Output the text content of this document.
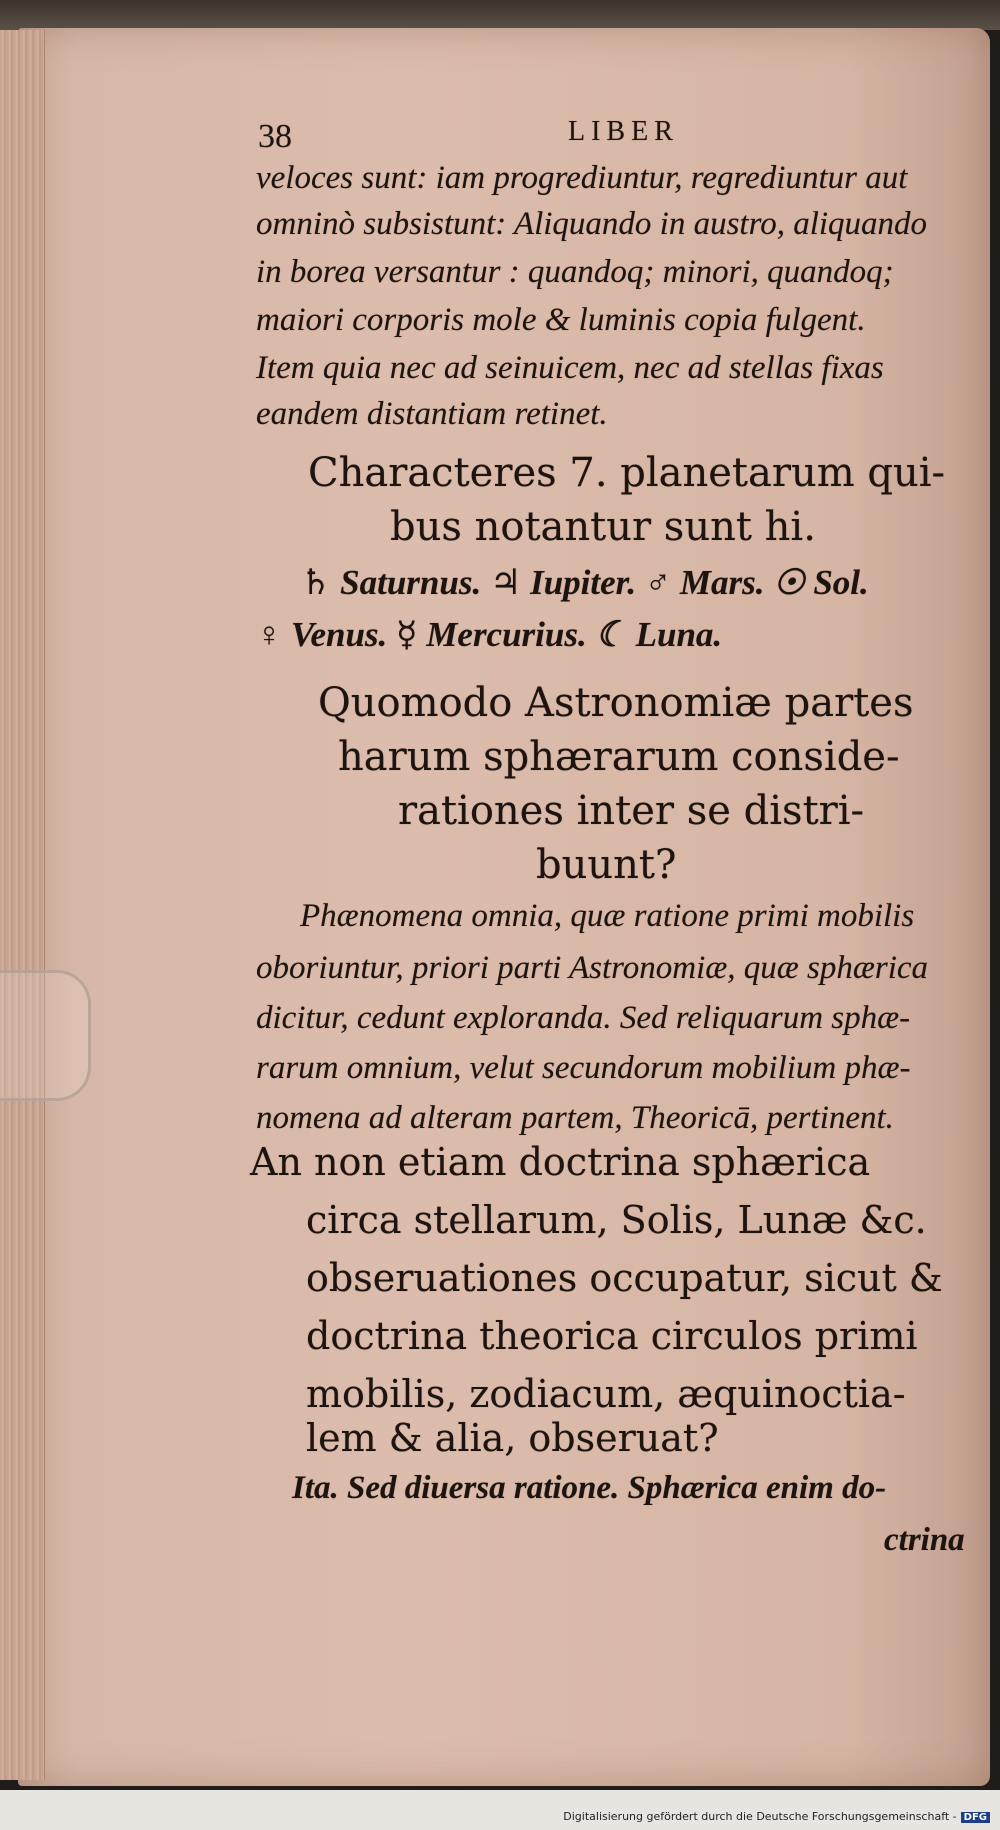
38	LIBER
veloces sunt: iam progrediuntur, regrediuntur aut
omninò subsistunt: Aliquando in austro, aliquando
in borea versantur : quandoq; minori, quandoq;
maiori corporis mole & luminis copia fulgent.
Item quia nec ad seinuicem, nec ad stellas fixas
eandem distantiam retinet.
Characteres 7. planetarum qui-
bus notantur sunt hi.
♄ Saturnus. ♃ Iupiter. ♂ Mars. ☉ Sol.
♀ Venus. ☿ Mercurius. ☾ Luna.
Quomodo Astronomiæ partes
harum sphærarum conside-
rationes inter se distri-
buunt?
Phænomena omnia, quæ ratione primi mobilis
oboriuntur, priori parti Astronomiæ, quæ sphærica
dicitur, cedunt exploranda. Sed reliquarum sphæ-
rarum omnium, velut secundorum mobilium phæ-
nomena ad alteram partem, Theoricā, pertinent.
An non etiam doctrina sphærica
circa stellarum, Solis, Lunæ &c.
obseruationes occupatur, sicut &
doctrina theorica circulos primi
mobilis, zodiacum, æquinoctia-
lem & alia, obseruat?
Ita. Sed diuersa ratione. Sphærica enim do-
ctrina
Digitalisierung gefördert durch die Deutsche Forschungsgemeinschaft - DFG
